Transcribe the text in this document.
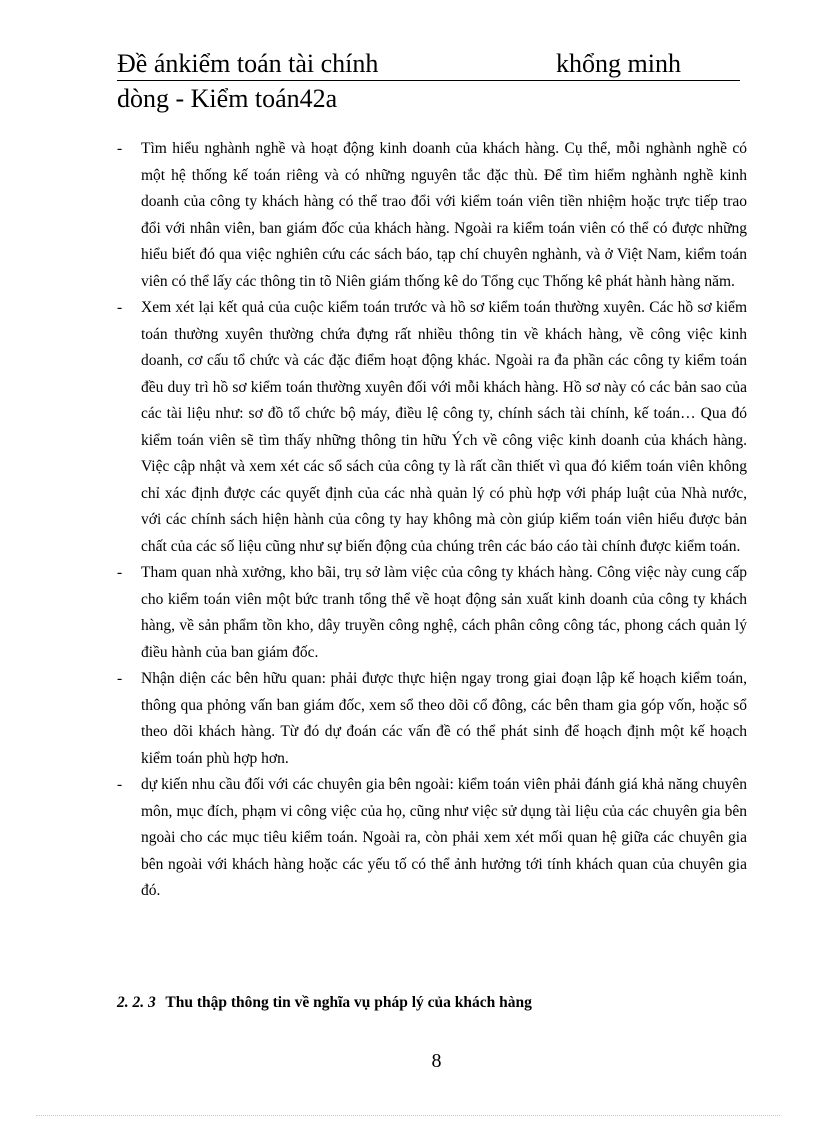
Đề ánkiểm toán tài chính	khổng minh
dòng - Kiểm toán42a
- Tìm hiểu nghành nghề và hoạt động kinh doanh của khách hàng. Cụ thể, mỗi nghành nghề có một hệ thống kế toán riêng và có những nguyên tắc đặc thù. Để tìm hiểm nghành nghề kinh doanh của công ty khách hàng có thể trao đổi với kiểm toán viên tiền nhiệm hoặc trực tiếp trao đổi với nhân viên, ban giám đốc của khách hàng. Ngoài ra kiểm toán viên có thể có được những hiểu biết đó qua việc nghiên cứu các sách báo, tạp chí chuyên nghành, và ở Việt Nam, kiểm toán viên có thể lấy các thông tin tõ Niên giám thống kê do Tổng cục Thống kê phát hành hàng năm.
- Xem xét lại kết quả của cuộc kiểm toán trước và hồ sơ kiểm toán thường xuyên. Các hồ sơ kiểm toán thường xuyên thường chứa đựng rất nhiều thông tin về khách hàng, về công việc kinh doanh, cơ cấu tổ chức và các đặc điểm hoạt động khác. Ngoài ra đa phần các công ty kiểm toán đều duy trì hồ sơ kiểm toán thường xuyên đối với mỗi khách hàng. Hồ sơ này có các bản sao của các tài liệu như: sơ đồ tổ chức bộ máy, điều lệ công ty, chính sách tài chính, kế toán… Qua đó kiểm toán viên sẽ tìm thấy những thông tin hữu Ých về công việc kinh doanh của khách hàng. Việc cập nhật và xem xét các sổ sách của công ty là rất cần thiết vì qua đó kiểm toán viên không chỉ xác định được các quyết định của các nhà quản lý có phù hợp với pháp luật của Nhà nước, với các chính sách hiện hành của công ty hay không mà còn giúp kiểm toán viên hiểu được bản chất của các số liệu cũng như sự biến động của chúng trên các báo cáo tài chính được kiểm toán.
- Tham quan nhà xưởng, kho bãi, trụ sở làm việc của công ty khách hàng. Công việc này cung cấp cho kiểm toán viên một bức tranh tổng thể về hoạt động sản xuất kinh doanh của công ty khách hàng, về sản phẩm tồn kho, dây truyền công nghệ, cách phân công công tác, phong cách quản lý điều hành của ban giám đốc.
- Nhận diện các bên hữu quan: phải được thực hiện ngay trong giai đoạn lập kế hoạch kiểm toán, thông qua phỏng vấn ban giám đốc, xem sổ theo dõi cổ đông, các bên tham gia góp vốn, hoặc sổ theo dõi khách hàng. Từ đó dự đoán các vấn đề có thể phát sinh để hoạch định một kế hoạch kiểm toán phù hợp hơn.
- dự kiến nhu cầu đối với các chuyên gia bên ngoài: kiểm toán viên phải đánh giá khả năng chuyên môn, mục đích, phạm vi công việc của họ, cũng như việc sử dụng tài liệu của các chuyên gia bên ngoài cho các mục tiêu kiểm toán. Ngoài ra, còn phải xem xét mối quan hệ giữa các chuyên gia bên ngoài với khách hàng hoặc các yếu tố có thể ảnh hưởng tới tính khách quan của chuyên gia đó.
2. 2. 3 Thu thập thông tin về nghĩa vụ pháp lý của khách hàng
8
